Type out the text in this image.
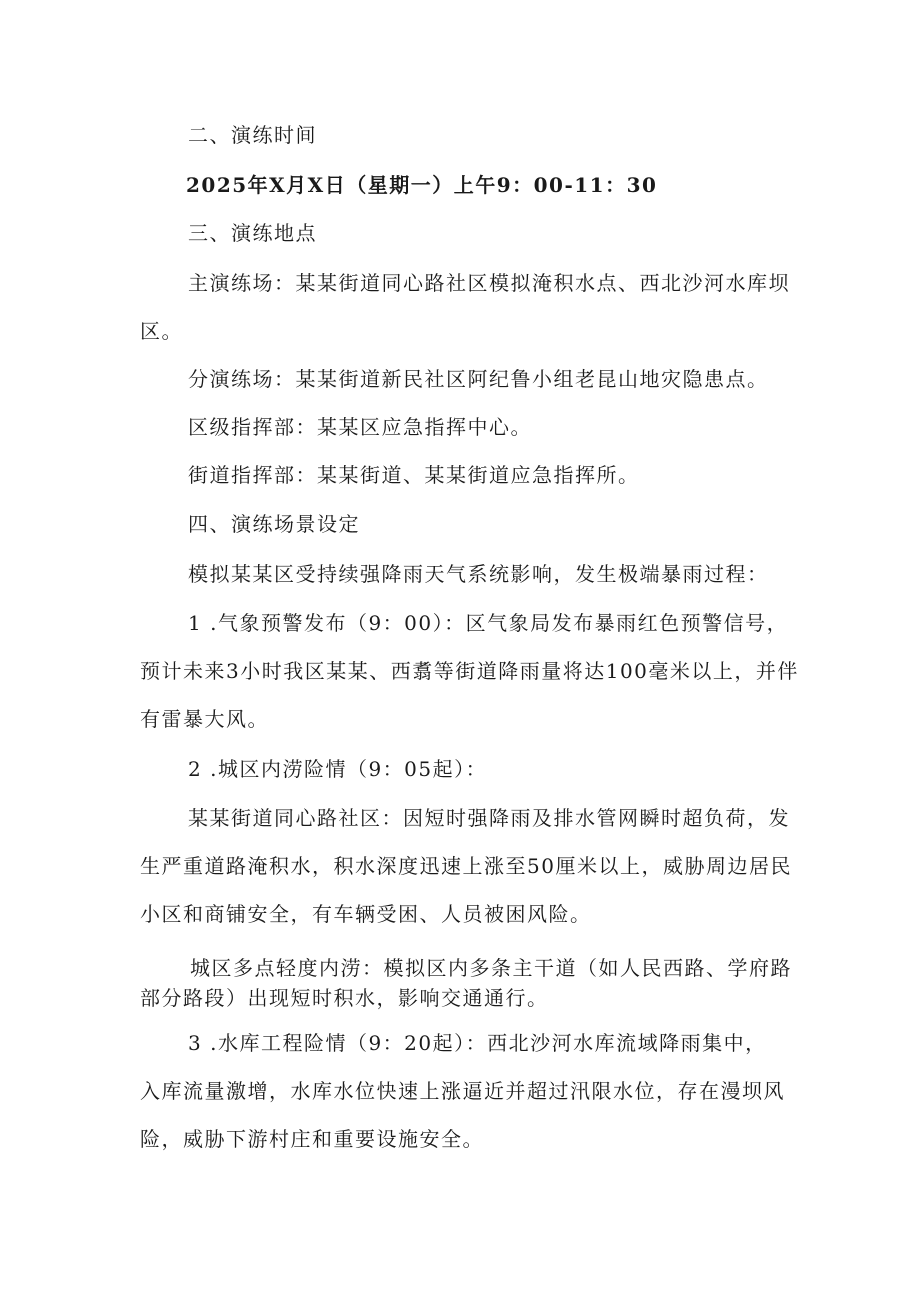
二、演练时间
2025年X月X日（星期一）上午9：00-11：30
三、演练地点
主演练场：某某街道同心路社区模拟淹积水点、西北沙河水库坝
区。
分演练场：某某街道新民社区阿纪鲁小组老昆山地灾隐患点。
区级指挥部：某某区应急指挥中心。
街道指挥部：某某街道、某某街道应急指挥所。
四、演练场景设定
模拟某某区受持续强降雨天气系统影响，发生极端暴雨过程：
1 .气象预警发布（9：00）：区气象局发布暴雨红色预警信号，
预计未来3小时我区某某、西翥等街道降雨量将达100毫米以上，并伴
有雷暴大风。
2 .城区内涝险情（9：05起）：
某某街道同心路社区：因短时强降雨及排水管网瞬时超负荷，发
生严重道路淹积水，积水深度迅速上涨至50厘米以上，威胁周边居民
小区和商铺安全，有车辆受困、人员被困风险。
城区多点轻度内涝：模拟区内多条主干道（如人民西路、学府路
部分路段）出现短时积水，影响交通通行。
3 .水库工程险情（9：20起）：西北沙河水库流域降雨集中，
入库流量激增，水库水位快速上涨逼近并超过汛限水位，存在漫坝风
险，威胁下游村庄和重要设施安全。
